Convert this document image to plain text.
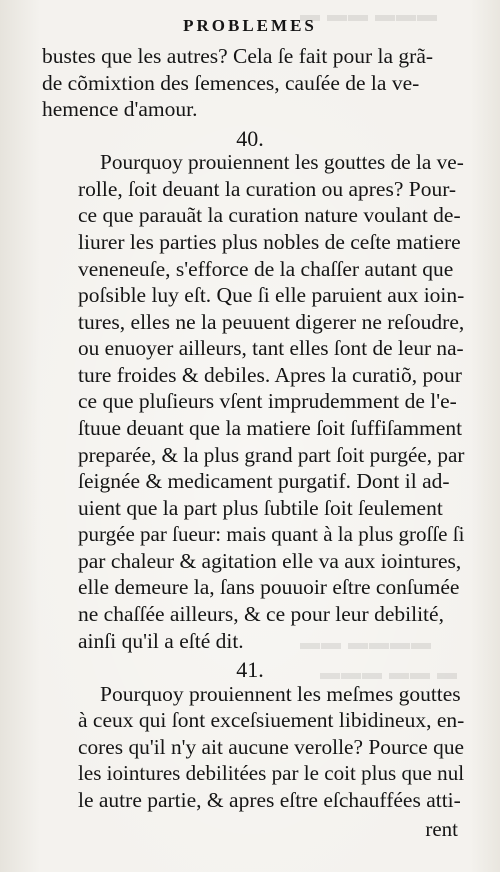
▬ ▬▬ ▬▬▬
▬▬ ▬▬▬▬
▬▬▬ ▬▬ ▬
PROBLEMES
bustes que les autres? Cela ſe fait pour la grã-
de cõmixtion des ſemences, cauſée de la ve-
hemence d'amour.
40.
Pourquoy prouiennent les gouttes de la ve-
rolle, ſoit deuant la curation ou apres? Pour-
ce que parauãt la curation nature voulant de-
liurer les parties plus nobles de ceſte matiere
veneneuſe, s'efforce de la chaſſer autant que
poſsible luy eſt. Que ſi elle paruient aux ioin-
tures, elles ne la peuuent digerer ne reſoudre,
ou enuoyer ailleurs, tant elles ſont de leur na-
ture froides & debiles. Apres la curatiõ, pour
ce que pluſieurs vſent imprudemment de l'e-
ſtuue deuant que la matiere ſoit ſuffiſamment
preparée, & la plus grand part ſoit purgée, par
ſeignée & medicament purgatif. Dont il ad-
uient que la part plus ſubtile ſoit ſeulement
purgée par ſueur: mais quant à la plus groſſe ſi
par chaleur & agitation elle va aux iointures,
elle demeure la, ſans pouuoir eſtre conſumée
ne chaſſée ailleurs, & ce pour leur debilité,
ainſi qu'il a eſté dit.
41.
Pourquoy prouiennent les meſmes gouttes
à ceux qui ſont exceſsiuement libidineux, en-
cores qu'il n'y ait aucune verolle? Pource que
les iointures debilitées par le coit plus que nul
le autre partie, & apres eſtre eſchauffées atti-
rent
